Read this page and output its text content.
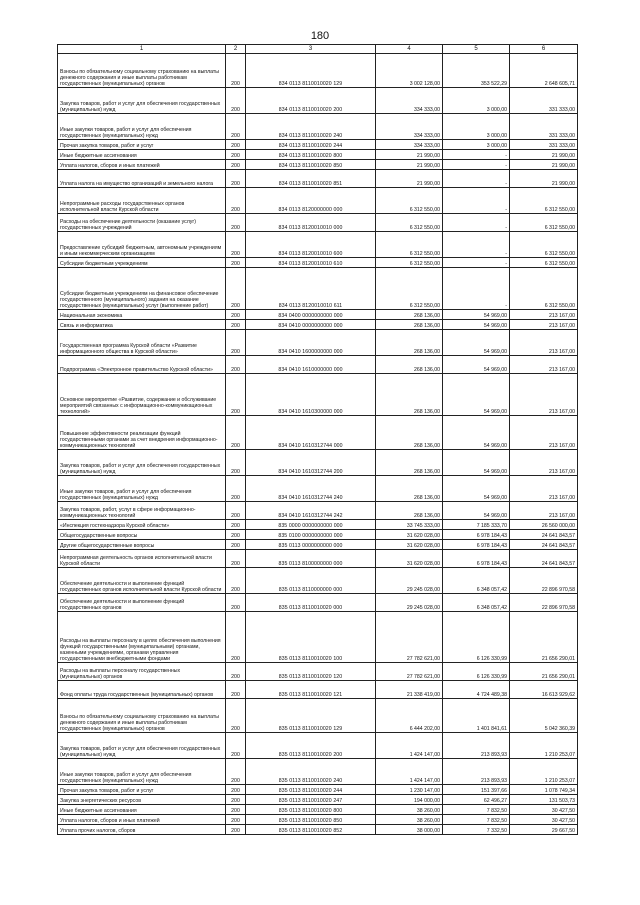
180
1	2	3	4	5	6
Взносы по обязательному социальному страхованию на выплаты денежного содержания и иные выплаты работникам государственных (муниципальных) органов	200	834 0113 8110010020 129	3 002 128,00	353 522,29	2 648 605,71
Закупка товаров, работ и услуг для обеспечения государственных (муниципальных) нужд	200	834 0113 8110010020 200	334 333,00	3 000,00	331 333,00
Иные закупки товаров, работ и услуг для обеспечения государственных (муниципальных) нужд	200	834 0113 8110010020 240	334 333,00	3 000,00	331 333,00
Прочая закупка товаров, работ и услуг	200	834 0113 8110010020 244	334 333,00	3 000,00	331 333,00
Иные бюджетные ассигнования	200	834 0113 8110010020 800	21 990,00	-	21 990,00
Уплата налогов, сборов и иных платежей	200	834 0113 8110010020 850	21 990,00	-	21 990,00
Уплата налога на имущество организаций и земельного налога	200	834 0113 8110010020 851	21 990,00	-	21 990,00
Непрограммные расходы государственных органов исполнительной власти Курской области	200	834 0113 8120000000 000	6 312 550,00	-	6 312 550,00
Расходы на обеспечение деятельности (оказание услуг) государственных учреждений	200	834 0113 8120010010 000	6 312 550,00	-	6 312 550,00
Предоставление субсидий бюджетным, автономным учреждениям и иным некоммерческим организациям	200	834 0113 8120010010 600	6 312 550,00	-	6 312 550,00
Субсидии бюджетным учреждениям	200	834 0113 8120010010 610	6 312 550,00	-	6 312 550,00
Субсидии бюджетным учреждениям на финансовое обеспечение государственного (муниципального) задания на оказание государственных (муниципальных) услуг (выполнение работ)	200	834 0113 8120010010 611	6 312 550,00	-	6 312 550,00
Национальная экономика	200	834 0400 0000000000 000	268 136,00	54 969,00	213 167,00
Связь и информатика	200	834 0410 0000000000 000	268 136,00	54 969,00	213 167,00
Государственная программа Курской области «Развитие информационного общества в Курской области»	200	834 0410 1600000000 000	268 136,00	54 969,00	213 167,00
Подпрограмма «Электронное правительство Курской области»	200	834 0410 1610000000 000	268 136,00	54 969,00	213 167,00
Основное мероприятие «Развитие, содержание и обслуживание мероприятий связанных с информационно-коммуникационных технологий»	200	834 0410 1610300000 000	268 136,00	54 969,00	213 167,00
Повышение эффективности реализации функций государственными органами за счет внедрения информационно-коммуникационных технологий	200	834 0410 1610312744 000	268 136,00	54 969,00	213 167,00
Закупка товаров, работ и услуг для обеспечения государственных (муниципальных) нужд	200	834 0410 1610312744 200	268 136,00	54 969,00	213 167,00
Иные закупки товаров, работ и услуг для обеспечения государственных (муниципальных) нужд	200	834 0410 1610312744 240	268 136,00	54 969,00	213 167,00
Закупка товаров, работ, услуг в сфере информационно-коммуникационных технологий	200	834 0410 1610312744 242	268 136,00	54 969,00	213 167,00
«Инспекция гостехнадзора Курской области»	200	835 0000 0000000000 000	33 745 333,00	7 185 333,70	26 560 000,00
Общегосударственные вопросы	200	835 0100 0000000000 000	31 620 028,00	6 978 184,43	24 641 843,57
Другие общегосударственные вопросы	200	835 0113 0000000000 000	31 620 028,00	6 978 184,43	24 641 843,57
Непрограммная деятельность органов исполнительной власти Курской области	200	835 0113 8100000000 000	31 620 028,00	6 978 184,43	24 641 843,57
Обеспечение деятельности и выполнение функций государственных органов исполнительной власти Курской области	200	835 0113 8110000000 000	29 245 028,00	6 348 057,42	22 896 970,58
Обеспечение деятельности и выполнение функций государственных органов	200	835 0113 8110010020 000	29 245 028,00	6 348 057,42	22 896 970,58
Расходы на выплаты персоналу в целях обеспечения выполнения функций государственными (муниципальными) органами, казенными учреждениями, органами управления государственными внебюджетными фондами	200	835 0113 8110010020 100	27 782 621,00	6 126 330,99	21 656 290,01
Расходы на выплаты персоналу государственных (муниципальных) органов	200	835 0113 8110010020 120	27 782 621,00	6 126 330,99	21 656 290,01
Фонд оплаты труда государственных (муниципальных) органов	200	835 0113 8110010020 121	21 338 419,00	4 724 489,38	16 613 929,62
Взносы по обязательному социальному страхованию на выплаты денежного содержания и иные выплаты работникам государственных (муниципальных) органов	200	835 0113 8110010020 129	6 444 202,00	1 401 841,61	5 042 360,39
Закупка товаров, работ и услуг для обеспечения государственных (муниципальных) нужд	200	835 0113 8110010020 200	1 424 147,00	213 893,93	1 210 253,07
Иные закупки товаров, работ и услуг для обеспечения государственных (муниципальных) нужд	200	835 0113 8110010020 240	1 424 147,00	213 893,93	1 210 253,07
Прочая закупка товаров, работ и услуг	200	835 0113 8110010020 244	1 230 147,00	151 397,66	1 078 749,34
Закупка энергетических ресурсов	200	835 0113 8110010020 247	194 000,00	62 496,27	131 503,73
Иные бюджетные ассигнования	200	835 0113 8110010020 800	38 260,00	7 832,50	30 427,50
Уплата налогов, сборов и иных платежей	200	835 0113 8110010020 850	38 260,00	7 832,50	30 427,50
Уплата прочих налогов, сборов	200	835 0113 8110010020 852	38 000,00	7 332,50	29 667,50
